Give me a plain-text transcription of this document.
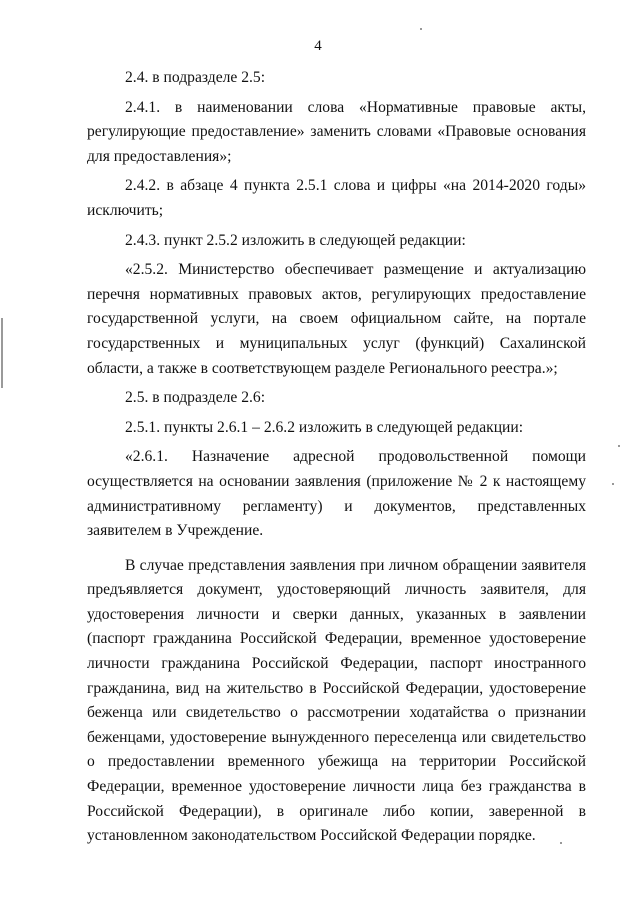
4

2.4. в подразделе 2.5:

2.4.1. в наименовании слова «Нормативные правовые акты, регулирующие предоставление» заменить словами «Правовые основания для предоставления»;

2.4.2. в абзаце 4 пункта 2.5.1 слова и цифры «на 2014-2020 годы» исключить;

2.4.3. пункт 2.5.2 изложить в следующей редакции:

«2.5.2. Министерство обеспечивает размещение и актуализацию перечня нормативных правовых актов, регулирующих предоставление государственной услуги, на своем официальном сайте, на портале государственных и муниципальных услуг (функций) Сахалинской области, а также в соответствующем разделе Регионального реестра.»;

2.5. в подразделе 2.6:

2.5.1. пункты 2.6.1 – 2.6.2 изложить в следующей редакции:

«2.6.1. Назначение адресной продовольственной помощи

осуществляется на основании заявления (приложение № 2 к настоящему административному регламенту) и документов, представленных заявителем в Учреждение.

В случае представления заявления при личном обращении заявителя предъявляется документ, удостоверяющий личность заявителя, для удостоверения личности и сверки данных, указанных в заявлении (паспорт гражданина Российской Федерации, временное удостоверение личности гражданина Российской Федерации, паспорт иностранного гражданина, вид на жительство в Российской Федерации, удостоверение беженца или свидетельство о рассмотрении ходатайства о признании беженцами, удостоверение вынужденного переселенца или свидетельство о предоставлении временного убежища на территории Российской Федерации, временное удостоверение личности лица без гражданства в Российской Федерации), в оригинале либо копии, заверенной в установленном законодательством Российской Федерации порядке.
